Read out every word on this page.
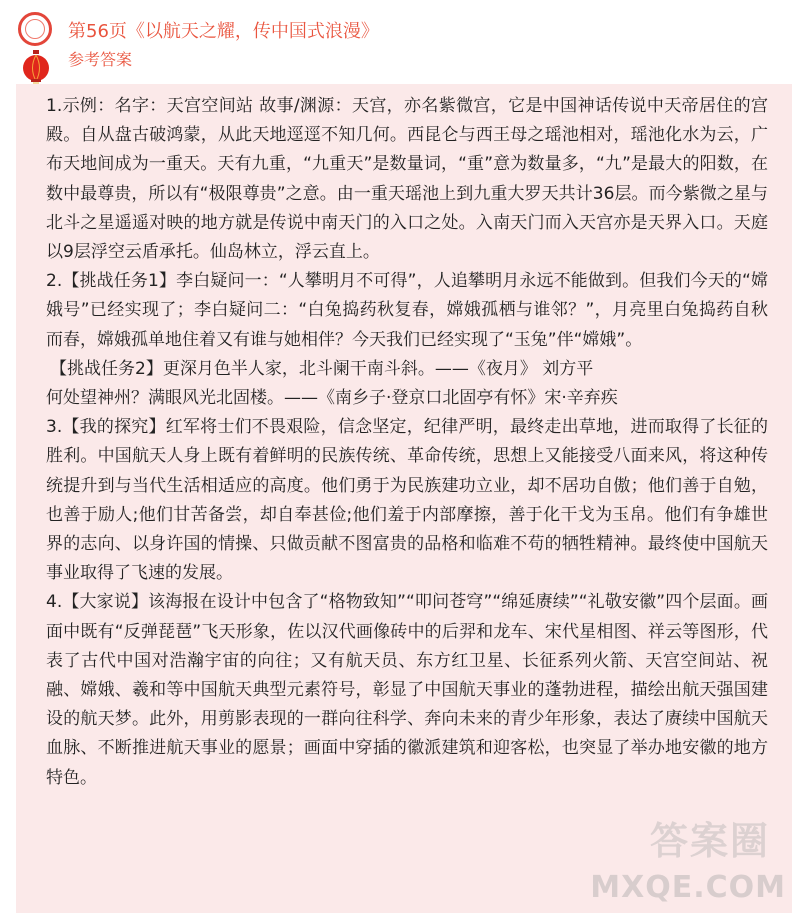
第56页《以航天之耀，传中国式浪漫》
参考答案

1.示例：名字：天宫空间站 故事/渊源：天宫，亦名紫微宫，它是中国神话传说中天帝居住的宫殿。自从盘古破鸿蒙，从此天地逕逕不知几何。西昆仑与西王母之瑶池相对，瑶池化水为云，广布天地间成为一重天。天有九重，“九重天”是数量词，“重”意为数量多，“九”是最大的阳数，在数中最尊贵，所以有“极限尊贵”之意。由一重天瑶池上到九重大罗天共计36层。而今紫微之星与北斗之星遥遥对映的地方就是传说中南天门的入口之处。入南天门而入天宫亦是天界入口。天庭以9层浮空云盾承托。仙岛林立，浮云直上。

2.【挑战任务1】李白疑问一：“人攀明月不可得”，人追攀明月永远不能做到。但我们今天的“嫦娥号”已经实现了；李白疑问二：“白兔捣药秋复春，嫦娥孤栖与谁邻？”，月亮里白兔捣药自秋而春，嫦娥孤单地住着又有谁与她相伴？今天我们已经实现了“玉兔”伴“嫦娥”。

【挑战任务2】更深月色半人家，北斗阑干南斗斜。——《夜月》 刘方平

何处望神州？满眼风光北固楼。——《南乡子·登京口北固亭有怀》宋·辛弃疾

3.【我的探究】红军将士们不畏艰险，信念坚定，纪律严明，最终走出草地，进而取得了长征的胜利。中国航天人身上既有着鲜明的民族传统、革命传统，思想上又能接受八面来风，将这种传统提升到与当代生活相适应的高度。他们勇于为民族建功立业，却不居功自傲；他们善于自勉，也善于励人;他们甘苦备尝，却自奉甚俭;他们羞于内部摩擦，善于化干戈为玉帛。他们有争雄世界的志向、以身许国的情操、只做贡献不图富贵的品格和临难不苟的牺牲精神。最终使中国航天事业取得了飞速的发展。

4.【大家说】该海报在设计中包含了“格物致知”“叩问苍穹”“绵延赓续”“礼敬安徽”四个层面。画面中既有“反弹琵琶”飞天形象，佐以汉代画像砖中的后羿和龙车、宋代星相图、祥云等图形，代表了古代中国对浩瀚宇宙的向往；又有航天员、东方红卫星、长征系列火箭、天宫空间站、祝融、嫦娥、羲和等中国航天典型元素符号，彰显了中国航天事业的蓬勃进程，描绘出航天强国建设的航天梦。此外，用剪影表现的一群向往科学、奔向未来的青少年形象，表达了赓续中国航天血脉、不断推进航天事业的愿景；画面中穿插的徽派建筑和迎客松，也突显了举办地安徽的地方特色。

答案圈
MXQE.COM
